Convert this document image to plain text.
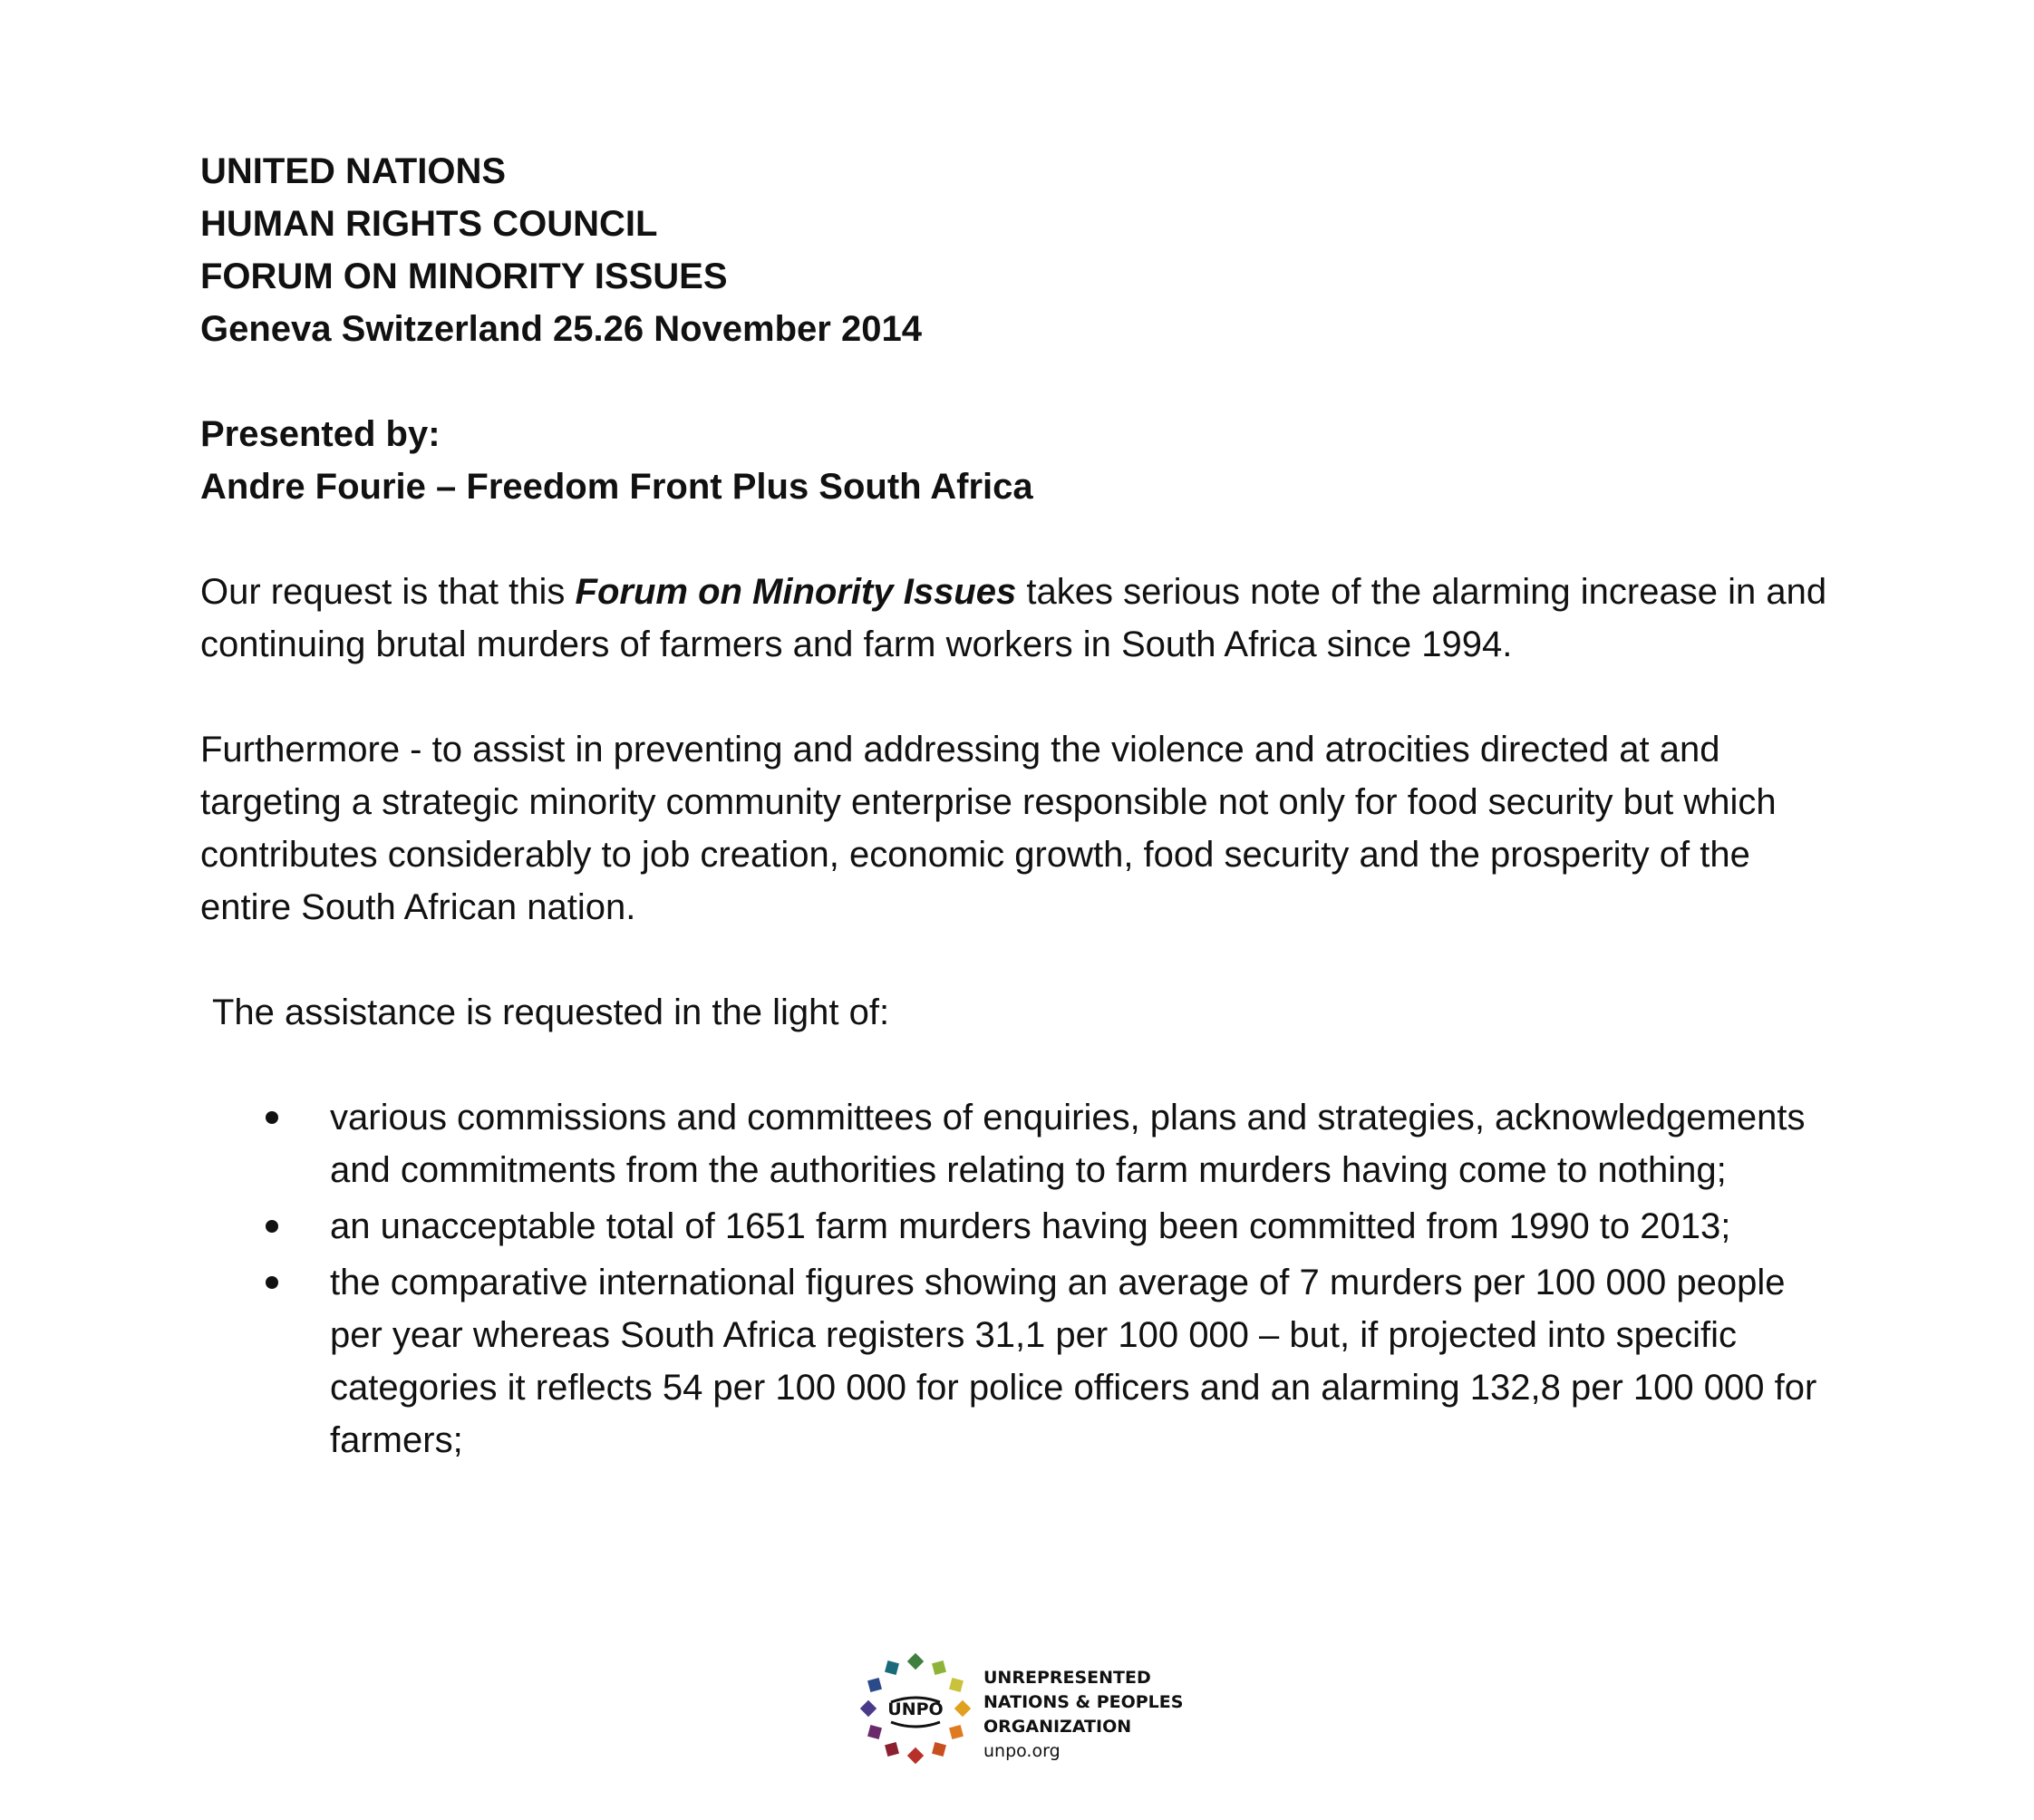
UNITED NATIONS

HUMAN RIGHTS COUNCIL

FORUM ON MINORITY ISSUES

Geneva Switzerland 25.26 November 2014

Presented by:

Andre Fourie – Freedom Front Plus South Africa

Our request is that this Forum on Minority Issues takes serious note of the alarming increase in and continuing brutal murders of farmers and farm workers in South Africa since 1994.

Furthermore - to assist in preventing and addressing the violence and atrocities directed at and targeting a strategic minority community enterprise responsible not only for food security but which contributes considerably to job creation, economic growth, food security and the prosperity of the entire South African nation.

The assistance is requested in the light of:

various commissions and committees of enquiries, plans and strategies, acknowledgements and commitments from the authorities relating to farm murders having come to nothing;
an unacceptable total of 1651 farm murders having been committed from 1990 to 2013;
the comparative international figures showing an average of 7 murders per 100 000 people per year whereas South Africa registers 31,1 per 100 000 – but, if projected into specific categories it reflects 54 per 100 000 for police officers and an alarming 132,8 per 100 000 for farmers;
UNPO
UNREPRESENTED
NATIONS & PEOPLES
ORGANIZATION
unpo.org
